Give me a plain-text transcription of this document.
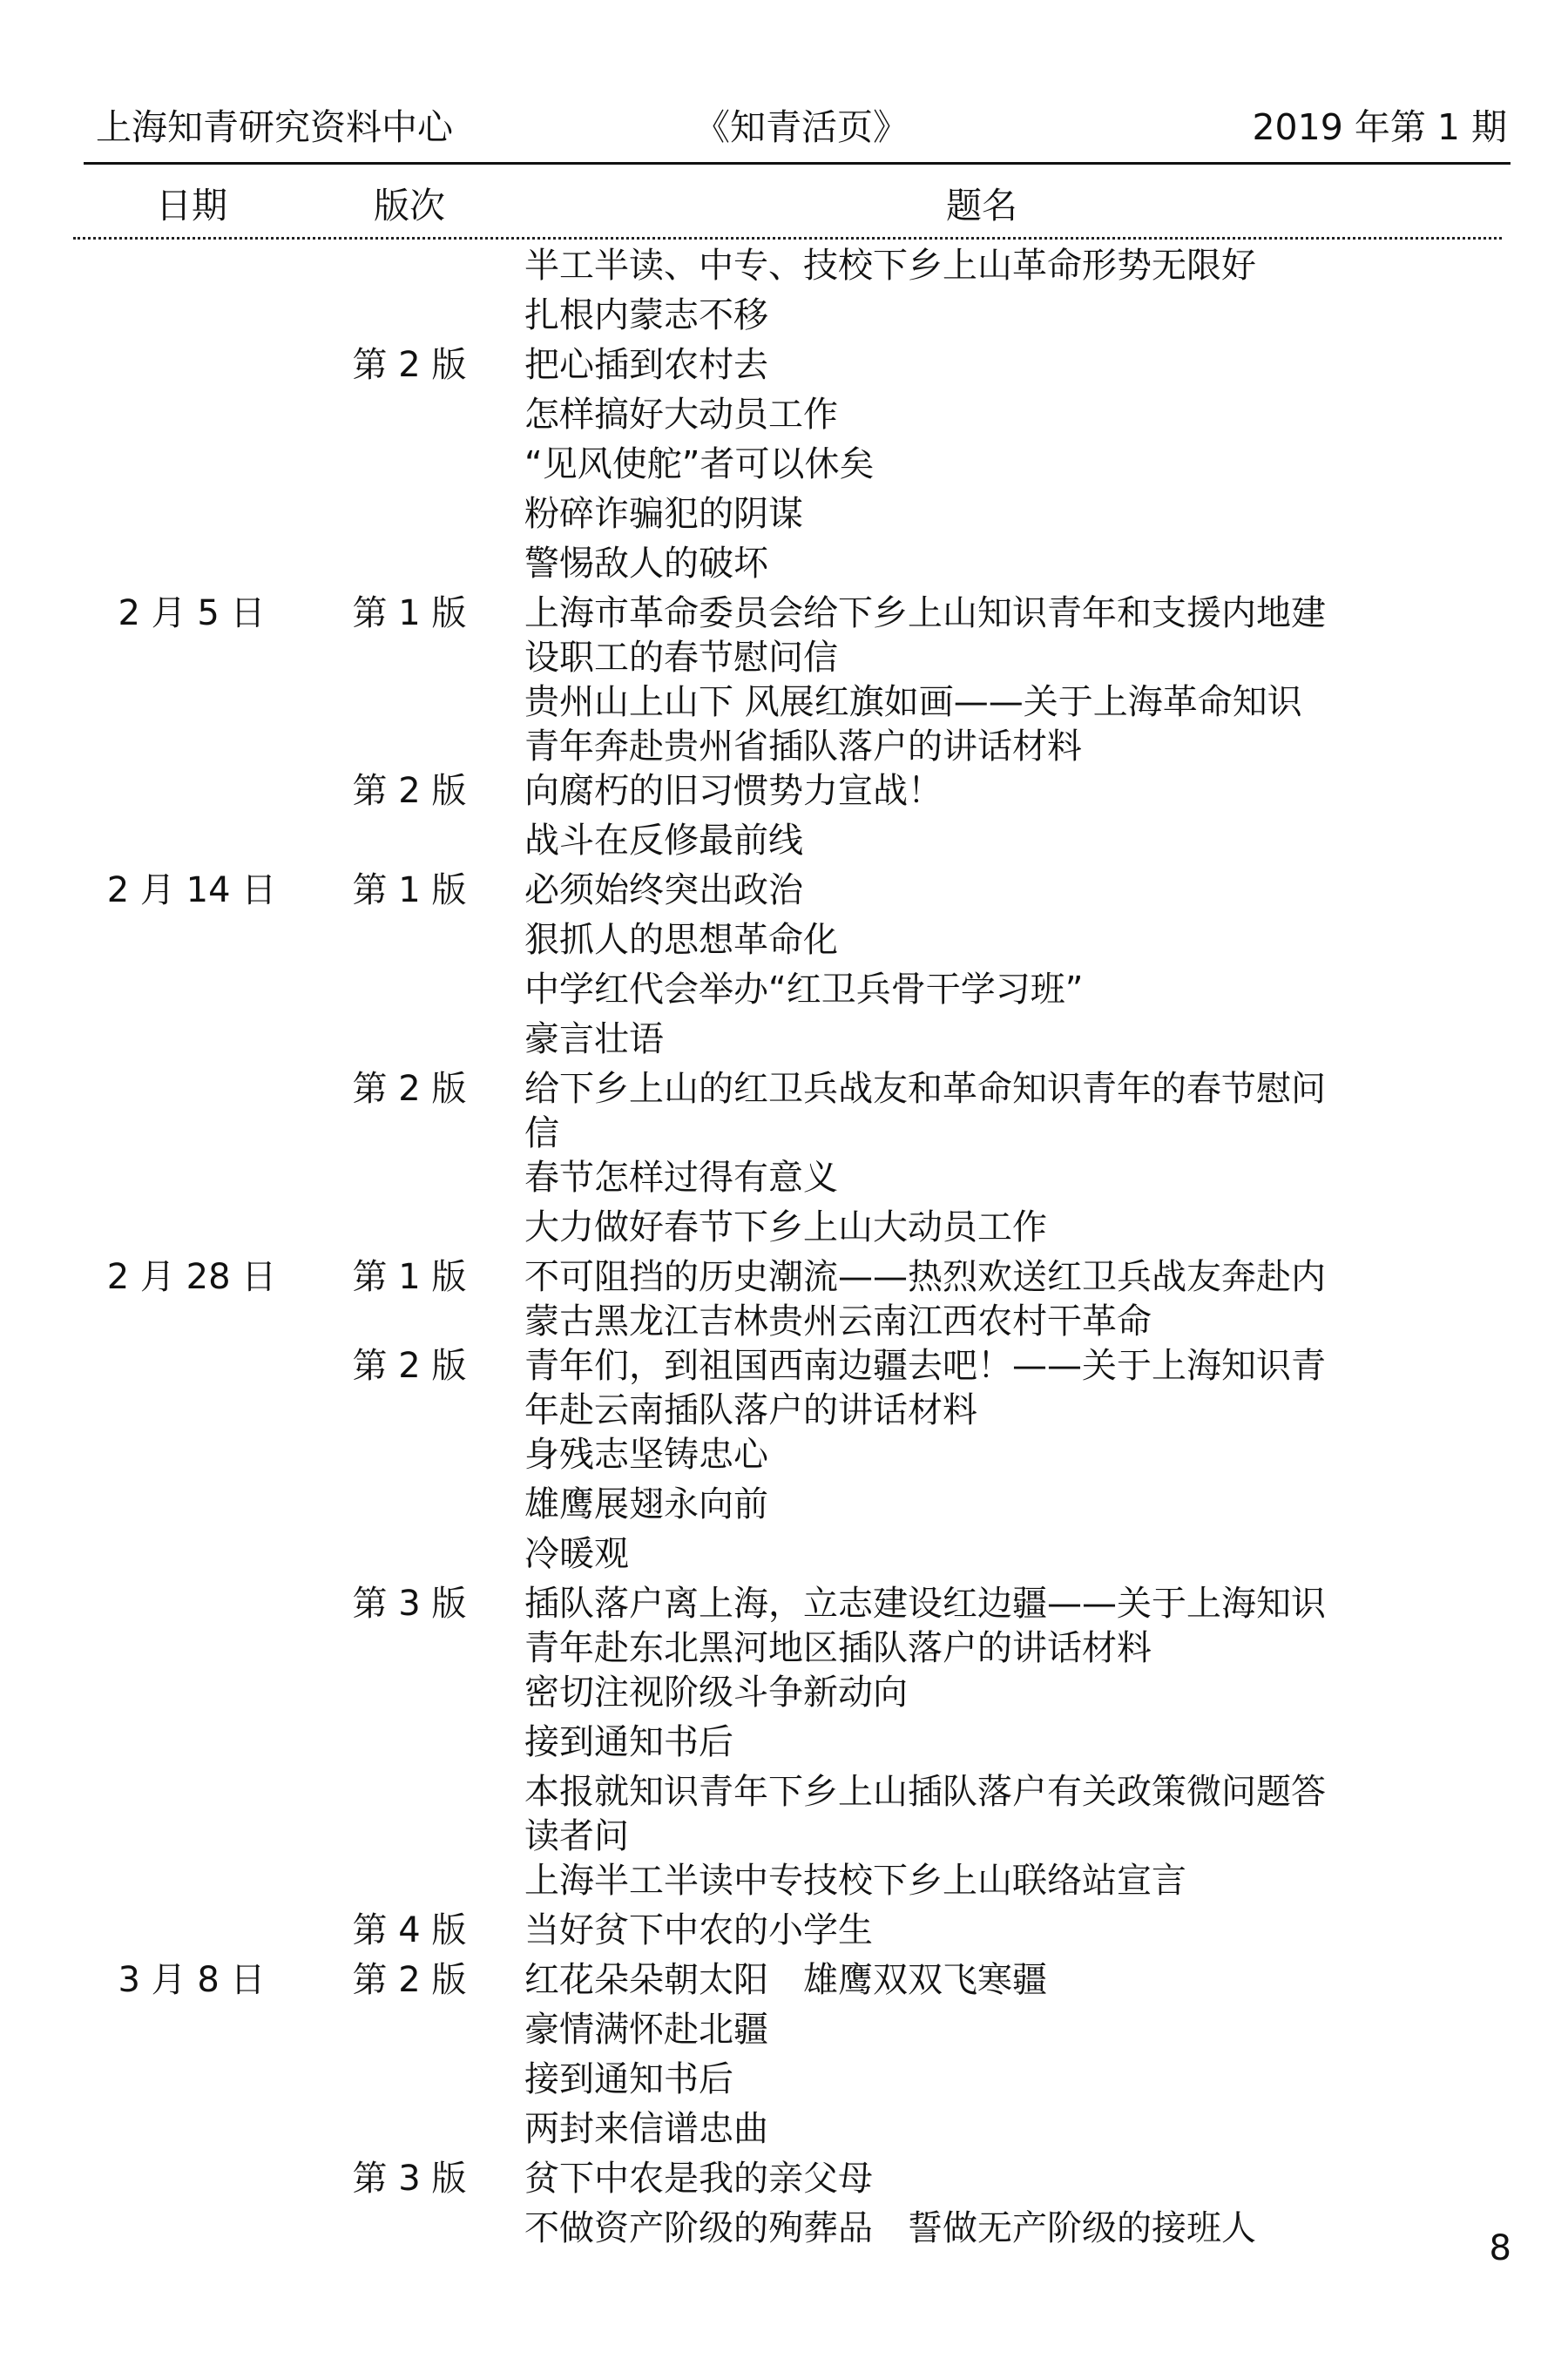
上海知青研究资料中心	《知青活页》	2019 年第 1 期
日期	版次	题名
半工半读、中专、技校下乡上山革命形势无限好
扎根内蒙志不移
第 2 版 把心插到农村去
怎样搞好大动员工作
“见风使舵”者可以休矣
粉碎诈骗犯的阴谋
警惕敌人的破坏
2 月 5 日	第 1 版 上海市革命委员会给下乡上山知识青年和支援内地建
设职工的春节慰问信
贵州山上山下 风展红旗如画——关于上海革命知识
青年奔赴贵州省插队落户的讲话材料
第 2 版 向腐朽的旧习惯势力宣战！
战斗在反修最前线
2 月 14 日	第 1 版 必须始终突出政治
狠抓人的思想革命化
中学红代会举办“红卫兵骨干学习班”
豪言壮语
第 2 版 给下乡上山的红卫兵战友和革命知识青年的春节慰问
信
春节怎样过得有意义
大力做好春节下乡上山大动员工作
2 月 28 日	第 1 版 不可阻挡的历史潮流——热烈欢送红卫兵战友奔赴内
蒙古黑龙江吉林贵州云南江西农村干革命
第 2 版 青年们，到祖国西南边疆去吧！——关于上海知识青
年赴云南插队落户的讲话材料
身残志坚铸忠心
雄鹰展翅永向前
冷暖观
第 3 版 插队落户离上海，立志建设红边疆——关于上海知识
青年赴东北黑河地区插队落户的讲话材料
密切注视阶级斗争新动向
接到通知书后
本报就知识青年下乡上山插队落户有关政策微问题答
读者问
上海半工半读中专技校下乡上山联络站宣言
第 4 版 当好贫下中农的小学生
3 月 8 日	第 2 版 红花朵朵朝太阳　雄鹰双双飞寒疆
豪情满怀赴北疆
接到通知书后
两封来信谱忠曲
第 3 版 贫下中农是我的亲父母
不做资产阶级的殉葬品　誓做无产阶级的接班人	8
